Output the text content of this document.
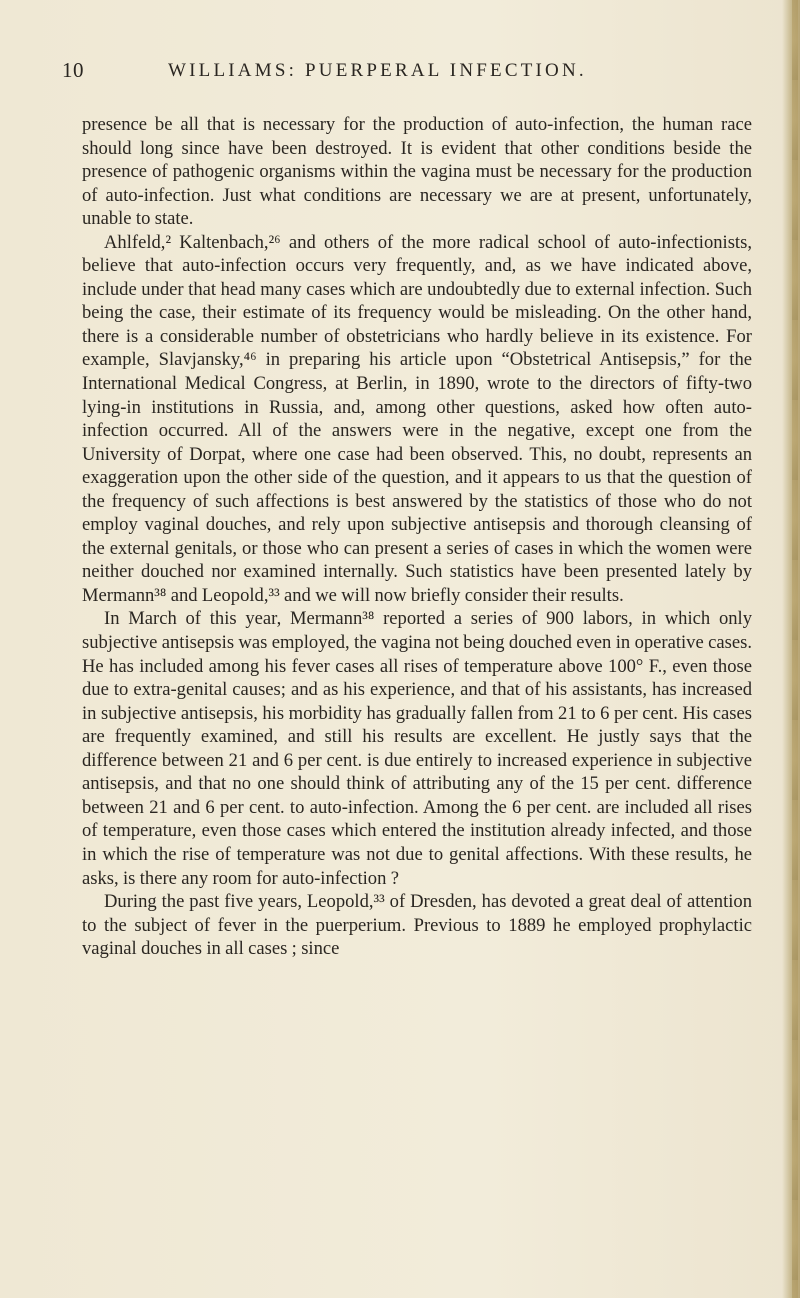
10	WILLIAMS: PUERPERAL INFECTION.

presence be all that is necessary for the production of auto-infection, the human race should long since have been destroyed. It is evident that other conditions beside the presence of pathogenic organisms within the vagina must be necessary for the production of auto-infection. Just what conditions are necessary we are at present, unfortunately, unable to state.

Ahlfeld,² Kaltenbach,²⁶ and others of the more radical school of auto-infectionists, believe that auto-infection occurs very frequently, and, as we have indicated above, include under that head many cases which are undoubtedly due to external infection. Such being the case, their estimate of its frequency would be misleading. On the other hand, there is a considerable number of obstetricians who hardly believe in its existence. For example, Slavjansky,⁴⁶ in preparing his article upon “Obstetrical Antisepsis,” for the International Medical Congress, at Berlin, in 1890, wrote to the directors of fifty-two lying-in institutions in Russia, and, among other questions, asked how often auto-infection occurred. All of the answers were in the negative, except one from the University of Dorpat, where one case had been observed. This, no doubt, represents an exaggeration upon the other side of the question, and it appears to us that the question of the frequency of such affections is best answered by the statistics of those who do not employ vaginal douches, and rely upon subjective antisepsis and thorough cleansing of the external genitals, or those who can present a series of cases in which the women were neither douched nor examined internally. Such statistics have been presented lately by Mermann³⁸ and Leopold,³³ and we will now briefly consider their results.

In March of this year, Mermann³⁸ reported a series of 900 labors, in which only subjective antisepsis was employed, the vagina not being douched even in operative cases. He has included among his fever cases all rises of temperature above 100° F., even those due to extra-genital causes; and as his experience, and that of his assistants, has increased in subjective antisepsis, his morbidity has gradually fallen from 21 to 6 per cent. His cases are frequently examined, and still his results are excellent. He justly says that the difference between 21 and 6 per cent. is due entirely to increased experience in subjective antisepsis, and that no one should think of attributing any of the 15 per cent. difference between 21 and 6 per cent. to auto-infection. Among the 6 per cent. are included all rises of temperature, even those cases which entered the institution already infected, and those in which the rise of temperature was not due to genital affections. With these results, he asks, is there any room for auto-infection ?

During the past five years, Leopold,³³ of Dresden, has devoted a great deal of attention to the subject of fever in the puerperium. Previous to 1889 he employed prophylactic vaginal douches in all cases ; since
